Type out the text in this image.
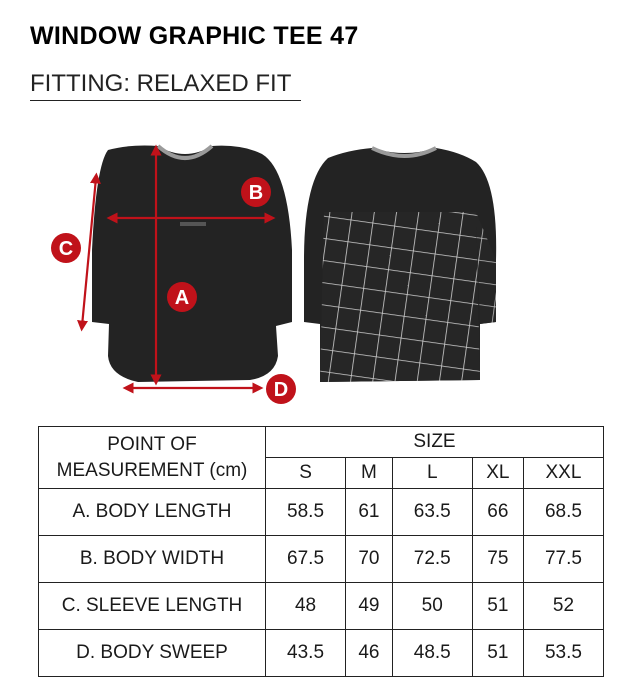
WINDOW GRAPHIC TEE 47
FITTING: RELAXED FIT
A
B
C
D
POINT OF
MEASUREMENT (cm)	SIZE				
	S	M	L	XL	XXL
A. BODY LENGTH	58.5	61	63.5	66	68.5
B. BODY WIDTH	67.5	70	72.5	75	77.5
C. SLEEVE LENGTH	48	49	50	51	52
D. BODY SWEEP	43.5	46	48.5	51	53.5
